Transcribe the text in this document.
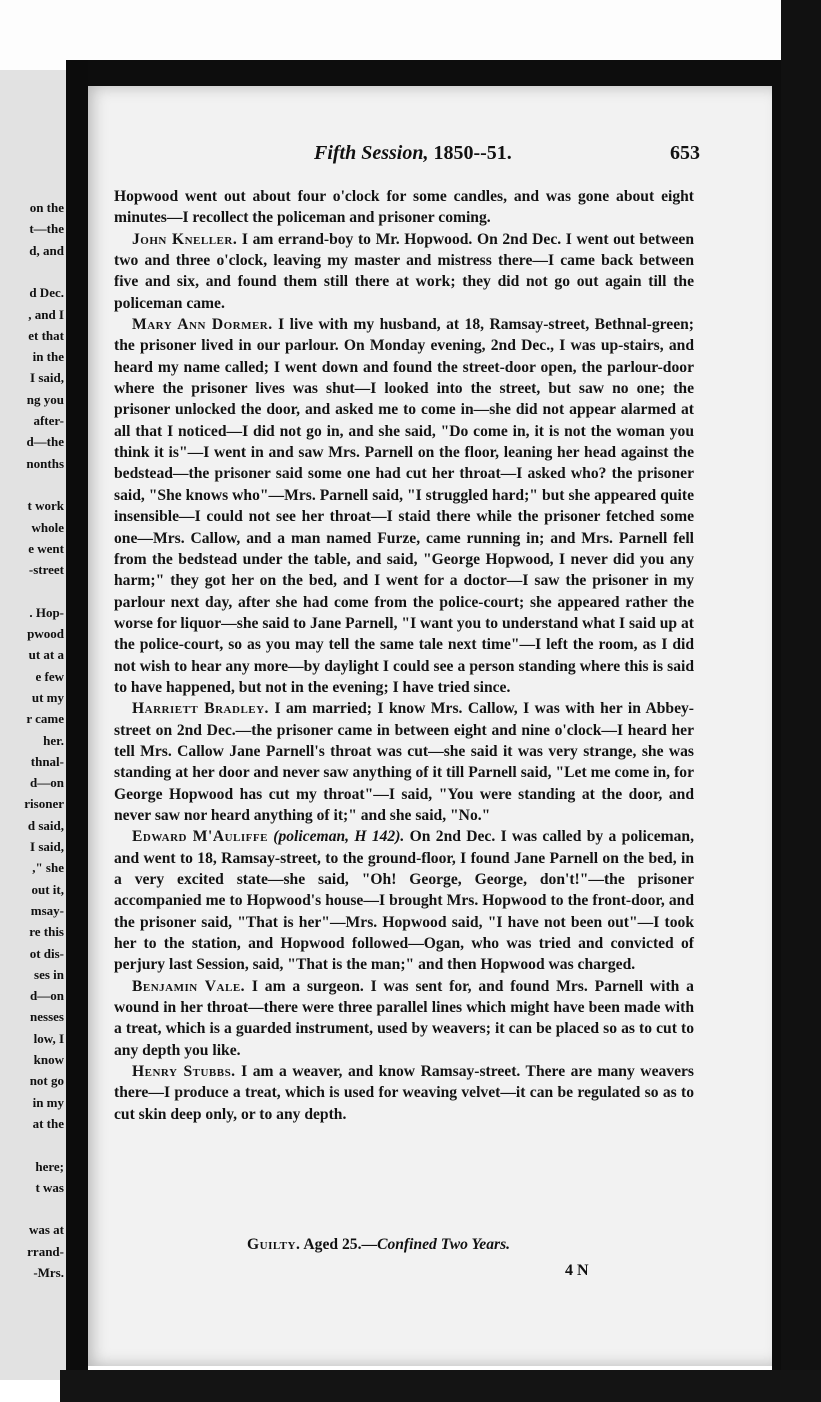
on the
t—the
d, and
d Dec.
, and I
et that
in the
I said,
ng you
after-
d—the
nonths
t work
whole
e went
-street
. Hop-
pwood
ut at a
e few
ut my
r came
her.
thnal-
d—on
risoner
d said,
I said,
," she
out it,
msay-
re this
ot dis-
ses in
d—on
nesses
low, I
know
not go
in my
at the
here;
t was
was at
rrand-
-Mrs.
Fifth Session, 1850--51.	653

Hopwood went out about four o'clock for some candles, and was gone about eight minutes—I recollect the policeman and prisoner coming.

John Kneller. I am errand-boy to Mr. Hopwood. On 2nd Dec. I went out between two and three o'clock, leaving my master and mistress there—I came back between five and six, and found them still there at work; they did not go out again till the policeman came.

Mary Ann Dormer. I live with my husband, at 18, Ramsay-street, Bethnal-green; the prisoner lived in our parlour. On Monday evening, 2nd Dec., I was up-stairs, and heard my name called; I went down and found the street-door open, the parlour-door where the prisoner lives was shut—I looked into the street, but saw no one; the prisoner unlocked the door, and asked me to come in—she did not appear alarmed at all that I noticed—I did not go in, and she said, "Do come in, it is not the woman you think it is"—I went in and saw Mrs. Parnell on the floor, leaning her head against the bedstead—the prisoner said some one had cut her throat—I asked who? the prisoner said, "She knows who"—Mrs. Parnell said, "I struggled hard;" but she appeared quite insensible—I could not see her throat—I staid there while the prisoner fetched some one—Mrs. Callow, and a man named Furze, came running in; and Mrs. Parnell fell from the bedstead under the table, and said, "George Hopwood, I never did you any harm;" they got her on the bed, and I went for a doctor—I saw the prisoner in my parlour next day, after she had come from the police-court; she appeared rather the worse for liquor—she said to Jane Parnell, "I want you to understand what I said up at the police-court, so as you may tell the same tale next time"—I left the room, as I did not wish to hear any more—by daylight I could see a person standing where this is said to have happened, but not in the evening; I have tried since.

Harriett Bradley. I am married; I know Mrs. Callow, I was with her in Abbey-street on 2nd Dec.—the prisoner came in between eight and nine o'clock—I heard her tell Mrs. Callow Jane Parnell's throat was cut—she said it was very strange, she was standing at her door and never saw anything of it till Parnell said, "Let me come in, for George Hopwood has cut my throat"—I said, "You were standing at the door, and never saw nor heard anything of it;" and she said, "No."

Edward M'Auliffe (policeman, H 142). On 2nd Dec. I was called by a policeman, and went to 18, Ramsay-street, to the ground-floor, I found Jane Parnell on the bed, in a very excited state—she said, "Oh! George, George, don't!"—the prisoner accompanied me to Hopwood's house—I brought Mrs. Hopwood to the front-door, and the prisoner said, "That is her"—Mrs. Hopwood said, "I have not been out"—I took her to the station, and Hopwood followed—Ogan, who was tried and convicted of perjury last Session, said, "That is the man;" and then Hopwood was charged.

Benjamin Vale. I am a surgeon. I was sent for, and found Mrs. Parnell with a wound in her throat—there were three parallel lines which might have been made with a treat, which is a guarded instrument, used by weavers; it can be placed so as to cut to any depth you like.

Henry Stubbs. I am a weaver, and know Ramsay-street. There are many weavers there—I produce a treat, which is used for weaving velvet—it can be regulated so as to cut skin deep only, or to any depth.

Guilty. Aged 25.—Confined Two Years.
4 N
